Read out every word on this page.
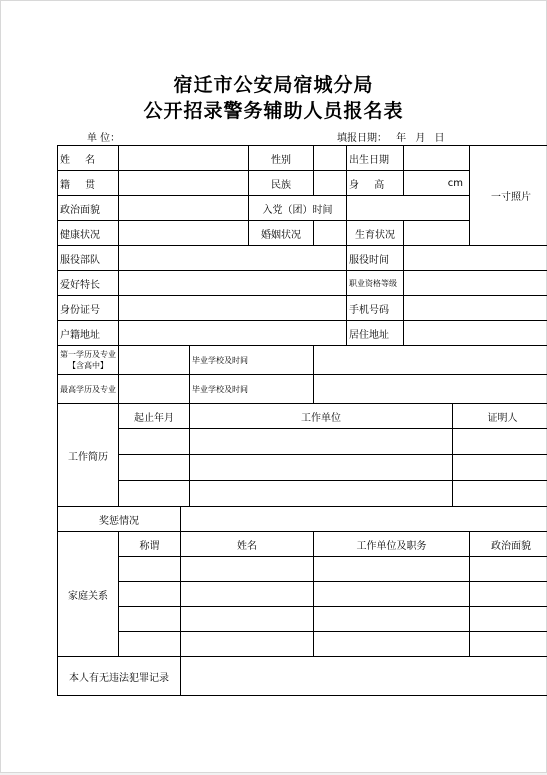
宿迁市公安局宿城分局
公开招录警务辅助人员报名表
单 位：	填报日期： 年 月 日
姓 名				性别		出生日期			一寸照片
籍 贯				民族		身 高	cm		
政治面貌				入党（团）时间					
健康状况				婚姻状况		生育状况			
服役部队						服役时间			
爱好特长						职业资格等级			
身份证号						手机号码			
户籍地址						居住地址			
第一学历及专业【含高中】			毕业学校及时间						
最高学历及专业			毕业学校及时间						
工作简历	起止年月		工作单位					证明人	

奖惩情况									
家庭关系	称谓	姓名			工作单位及职务				政治面貌

本人有无违法犯罪记录									
